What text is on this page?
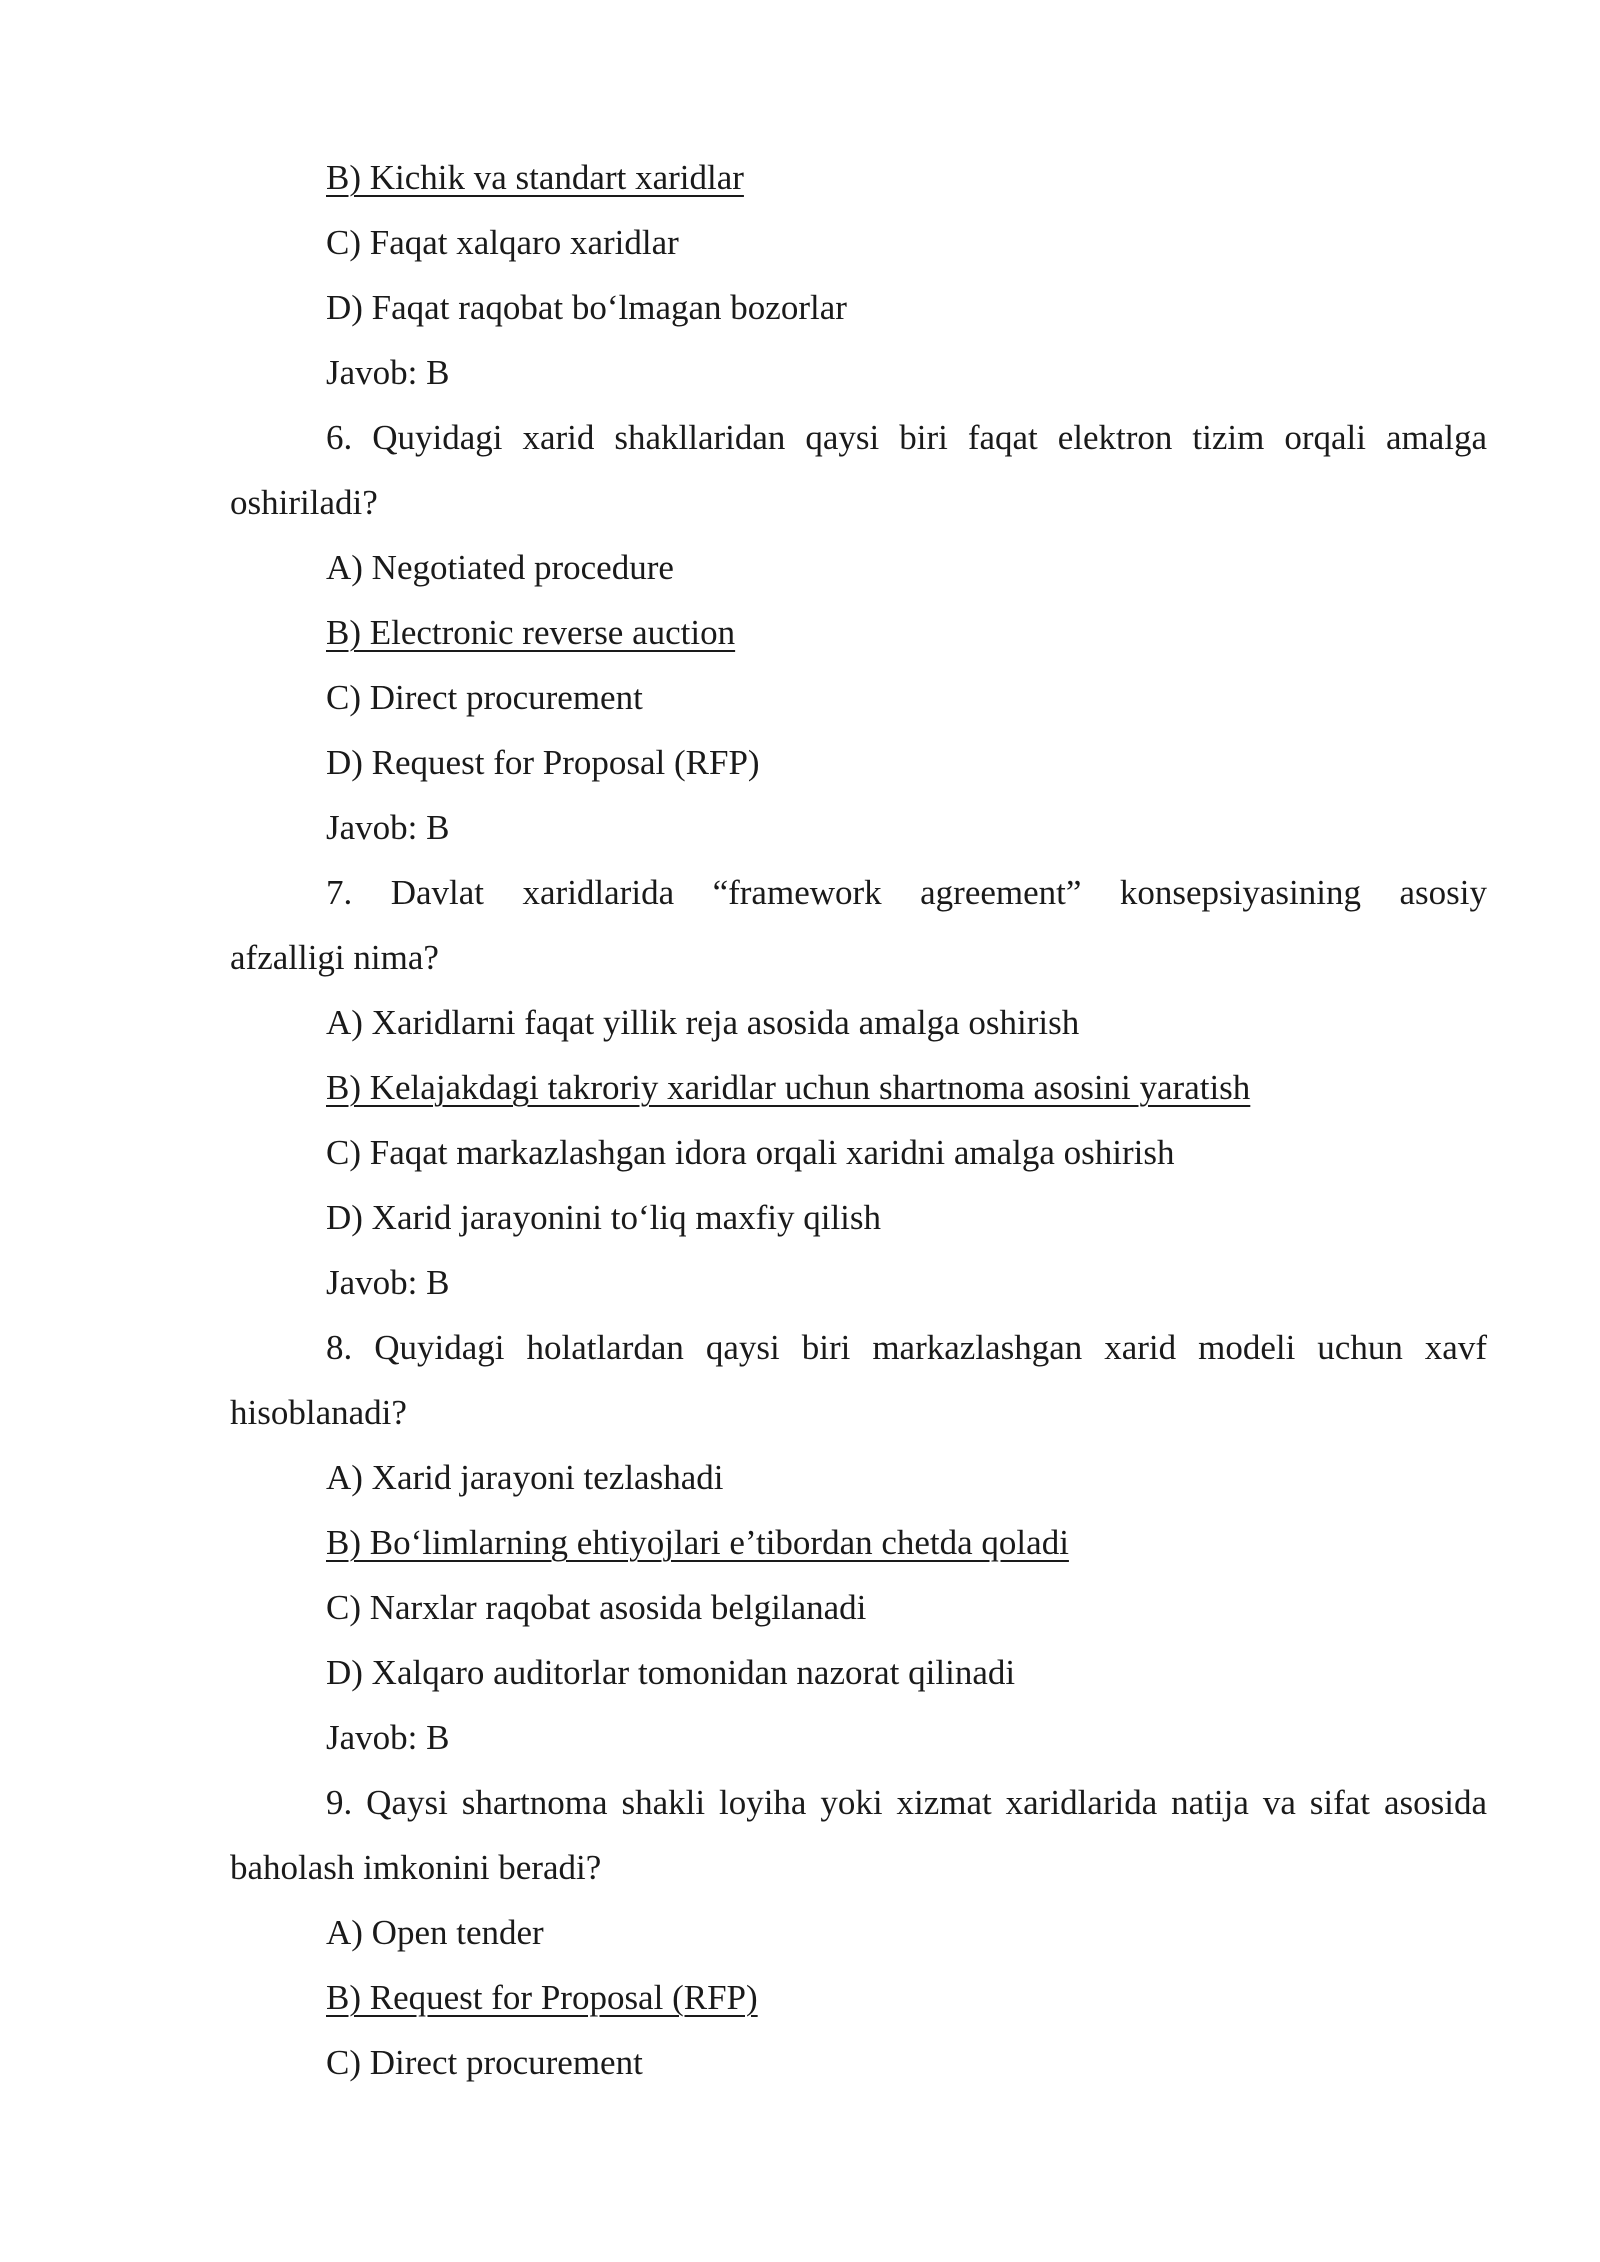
B) Kichik va standart xaridlar

C) Faqat xalqaro xaridlar

D) Faqat raqobat bo‘lmagan bozorlar

Javob: B

6. Quyidagi xarid shakllaridan qaysi biri faqat elektron tizim orqali amalga

oshiriladi?

A) Negotiated procedure

B) Electronic reverse auction

C) Direct procurement

D) Request for Proposal (RFP)

Javob: B

7. Davlat xaridlarida “framework agreement” konsepsiyasining asosiy

afzalligi nima?

A) Xaridlarni faqat yillik reja asosida amalga oshirish

B) Kelajakdagi takroriy xaridlar uchun shartnoma asosini yaratish

C) Faqat markazlashgan idora orqali xaridni amalga oshirish

D) Xarid jarayonini to‘liq maxfiy qilish

Javob: B

8. Quyidagi holatlardan qaysi biri markazlashgan xarid modeli uchun xavf

hisoblanadi?

A) Xarid jarayoni tezlashadi

B) Bo‘limlarning ehtiyojlari e’tibordan chetda qoladi

C) Narxlar raqobat asosida belgilanadi

D) Xalqaro auditorlar tomonidan nazorat qilinadi

Javob: B

9. Qaysi shartnoma shakli loyiha yoki xizmat xaridlarida natija va sifat asosida

baholash imkonini beradi?

A) Open tender

B) Request for Proposal (RFP)

C) Direct procurement
